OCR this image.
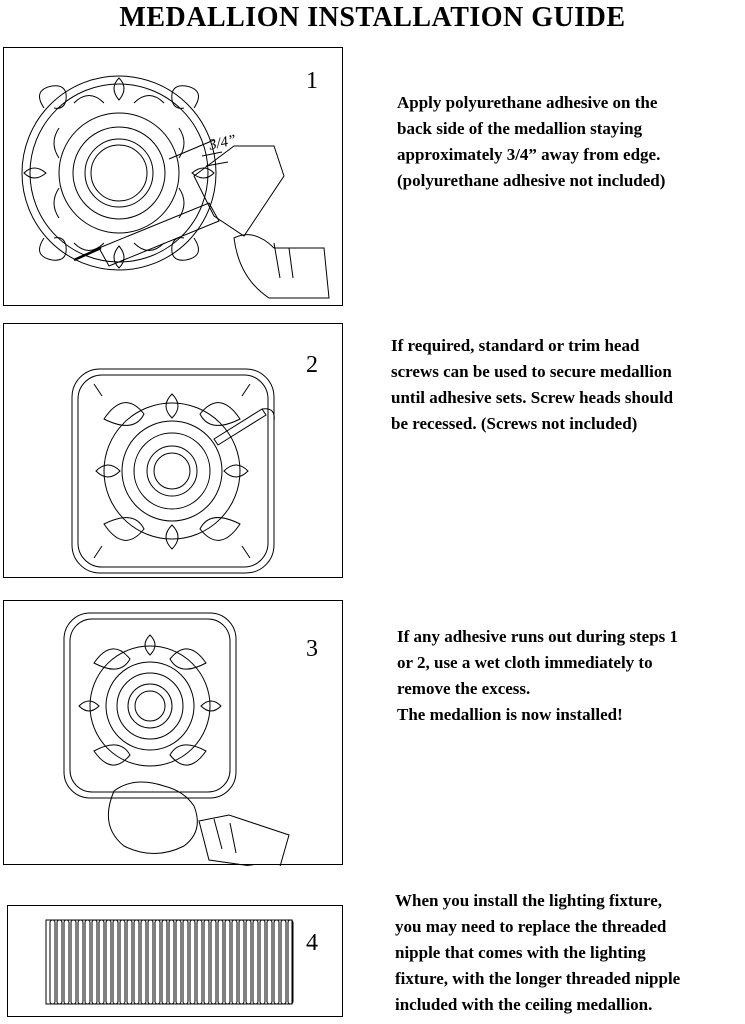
MEDALLION INSTALLATION GUIDE
1
3/4”

Apply polyurethane adhesive on the

back side of the medallion staying

approximately 3/4” away from edge.

(polyurethane adhesive not included)

2

If required, standard or trim head

screws can be used to secure medallion

until adhesive sets. Screw heads should

be recessed. (Screws not included)

3	If any adhesive runs out during steps 1

or 2, use a wet cloth immediately to

remove the excess.

The medallion is now installed!

4

When you install the lighting fixture,

you may need to replace the threaded

nipple that comes with the lighting

fixture, with the longer threaded nipple

included with the ceiling medallion.
